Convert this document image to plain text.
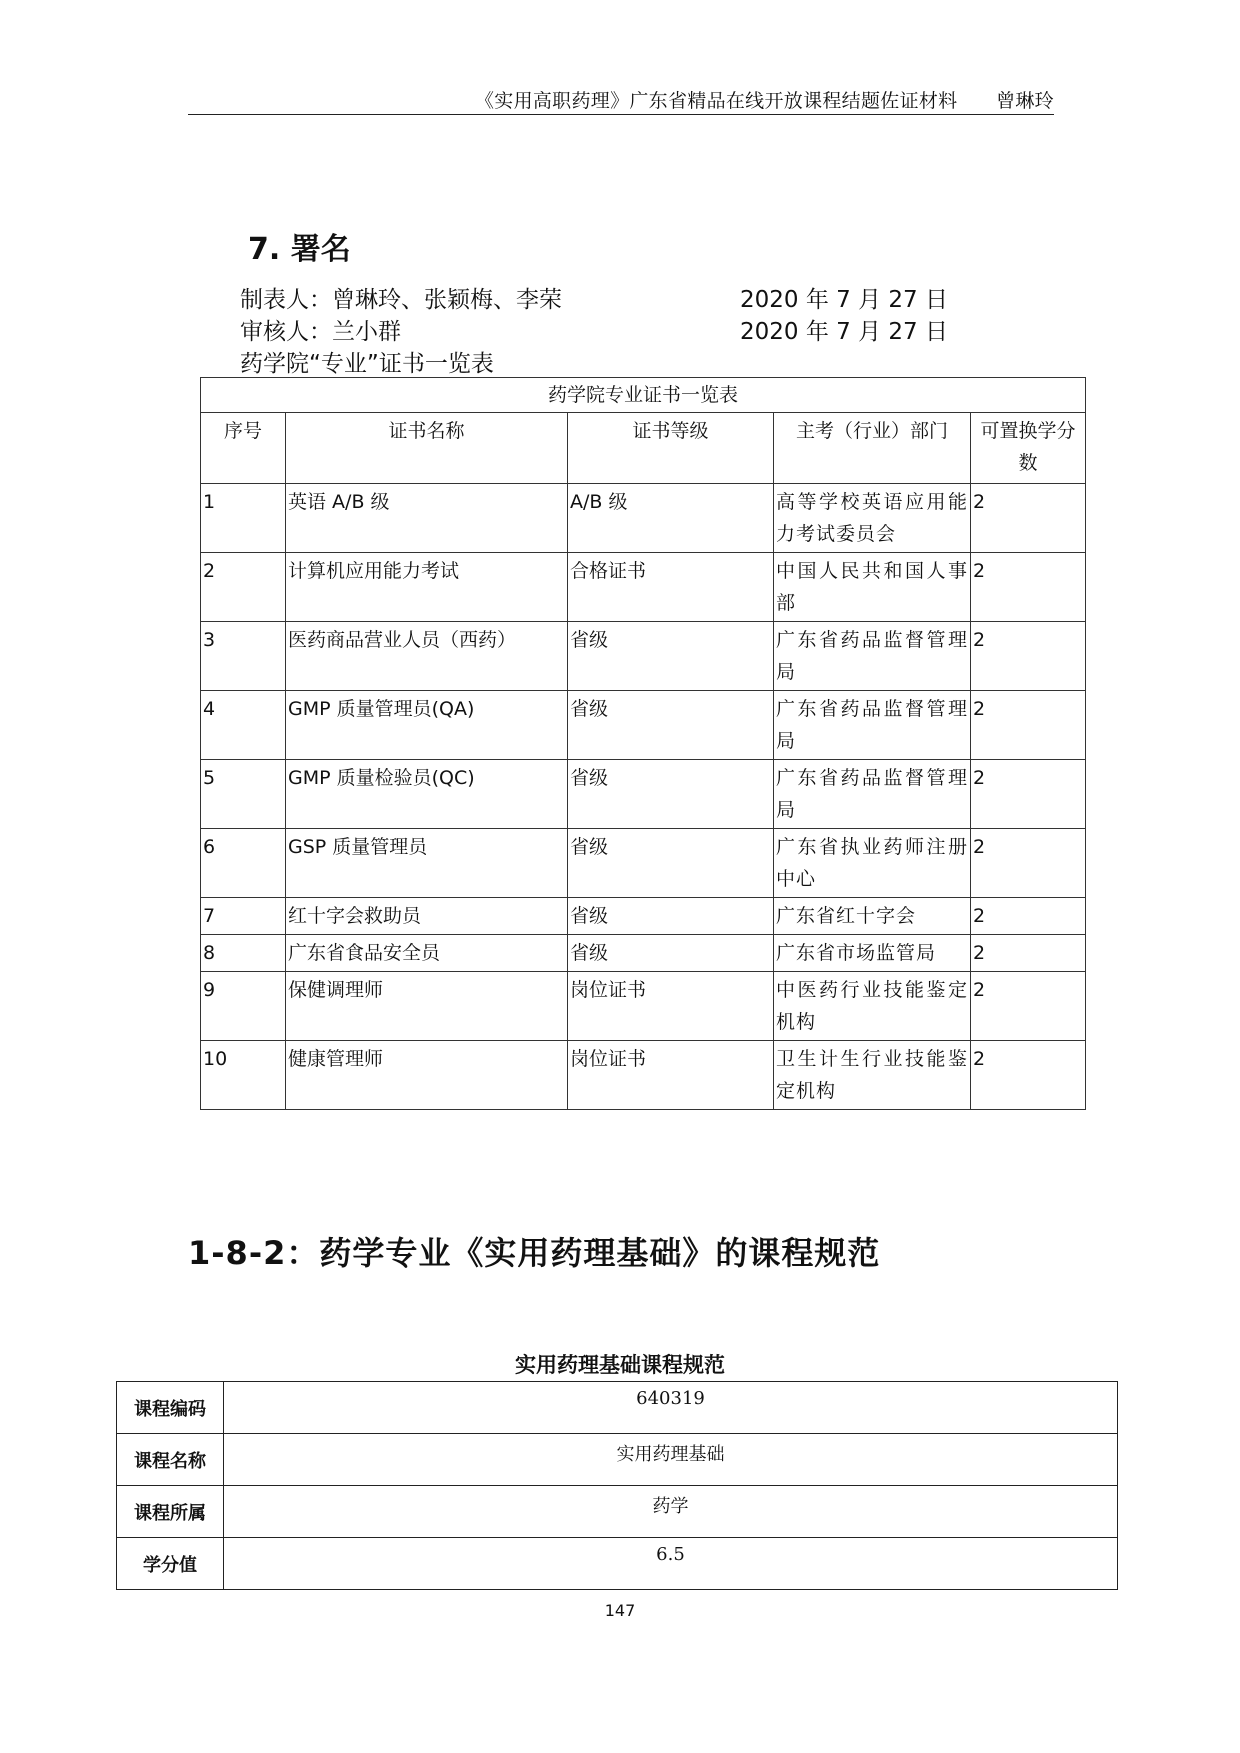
《实用高职药理》广东省精品在线开放课程结题佐证材料　　曾琳玲
7. 署名
制表人：曾琳玲、张颖梅、李荣	2020 年 7 月 27 日
审核人：兰小群	2020 年 7 月 27 日
药学院“专业”证书一览表
药学院专业证书一览表				
序号	证书名称	证书等级	主考（行业）部门	可置换学分数
1	英语 A/B 级	A/B 级	高等学校英语应用能力考试委员会	2
2	计算机应用能力考试	合格证书	中国人民共和国人事部	2
3	医药商品营业人员（西药）	省级	广东省药品监督管理局	2
4	GMP 质量管理员(QA)	省级	广东省药品监督管理局	2
5	GMP 质量检验员(QC)	省级	广东省药品监督管理局	2
6	GSP 质量管理员	省级	广东省执业药师注册中心	2
7	红十字会救助员	省级	广东省红十字会	2
8	广东省食品安全员	省级	广东省市场监管局	2
9	保健调理师	岗位证书	中医药行业技能鉴定机构	2
10	健康管理师	岗位证书	卫生计生行业技能鉴定机构	2
1-8-2：药学专业《实用药理基础》的课程规范
实用药理基础课程规范
课程编码	640319
课程名称	实用药理基础
课程所属	药学
学分值	6.5
147
